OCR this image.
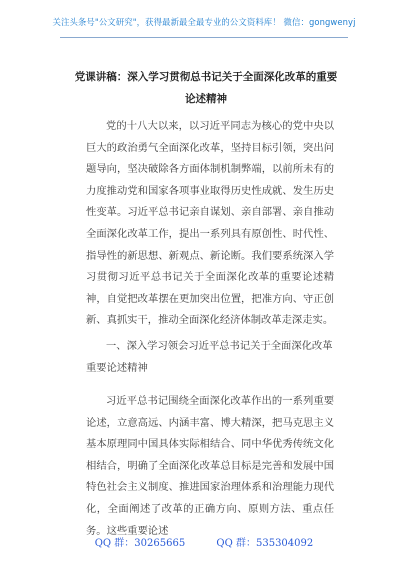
关注头条号"公文研究"，获得最新最全最专业的公文资料库！ 微信：gongwenyj
党课讲稿：深入学习贯彻总书记关于全面深化改革的重要
论述精神
党的十八大以来，以习近平同志为核心的党中央以巨大的政治勇气全面深化改革，坚持目标引领，突出问题导向，坚决破除各方面体制机制弊端，以前所未有的力度推动党和国家各项事业取得历史性成就、发生历史性变革。习近平总书记亲自谋划、亲自部署、亲自推动全面深化改革工作，提出一系列具有原创性、时代性、指导性的新思想、新观点、新论断。我们要系统深入学习贯彻习近平总书记关于全面深化改革的重要论述精神，自觉把改革摆在更加突出位置，把准方向、守正创新、真抓实干，推动全面深化经济体制改革走深走实。
一、深入学习领会习近平总书记关于全面深化改革重要论述精神
习近平总书记围绕全面深化改革作出的一系列重要论述，立意高远、内涵丰富、博大精深，把马克思主义基本原理同中国具体实际相结合、同中华优秀传统文化相结合，明确了全面深化改革总目标是完善和发展中国特色社会主义制度、推进国家治理体系和治理能力现代化，全面阐述了改革的正确方向、原则方法、重点任务。这些重要论述
QQ 群：30265665	QQ 群：535304092
